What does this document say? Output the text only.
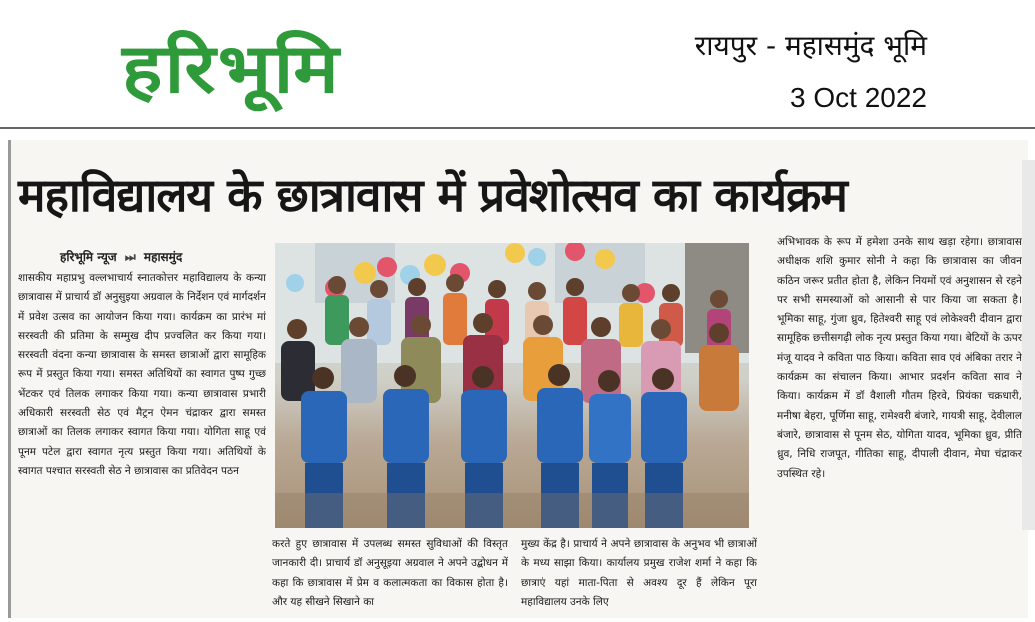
हरिभूमि	रायपुर - महासमुंद भूमि
3 Oct 2022
महाविद्यालय के छात्रावास में प्रवेशोत्सव का कार्यक्रम
हरिभूमि न्यूज ⏭ महासमुंद
शासकीय महाप्रभु वल्लभाचार्य स्नातकोत्तर महाविद्यालय के कन्या छात्रावास में प्राचार्य डॉ अनुसुइया अग्रवाल के निर्देशन एवं मार्गदर्शन में प्रवेश उत्सव का आयोजन किया गया। कार्यक्रम का प्रारंभ मां सरस्वती की प्रतिमा के सम्मुख दीप प्रज्वलित कर किया गया। सरस्वती वंदना कन्या छात्रावास के समस्त छात्राओं द्वारा सामूहिक रूप में प्रस्तुत किया गया। समस्त अतिथियों का स्वागत पुष्प गुच्छ भेंटकर एवं तिलक लगाकर किया गया। कन्या छात्रावास प्रभारी अधिकारी सरस्वती सेठ एवं मैट्रन ऐमन चंद्राकर द्वारा समस्त छात्राओं का तिलक लगाकर स्वागत किया गया। योगिता साहू एवं पूनम पटेल द्वारा स्वागत नृत्य प्रस्तुत किया गया। अतिथियों के स्वागत पश्चात सरस्वती सेठ ने छात्रावास का प्रतिवेदन पठन
करते हुए छात्रावास में उपलब्ध समस्त सुविधाओं की विस्तृत जानकारी दी। प्राचार्य डॉ अनुसूइया अग्रवाल ने अपने उद्बोधन में कहा कि छात्रावास में प्रेम व कलात्मकता का विकास होता है। और यह सीखने सिखाने का
मुख्य केंद्र है। प्राचार्य ने अपने छात्रावास के अनुभव भी छात्राओं के मध्य साझा किया। कार्यालय प्रमुख राजेश शर्मा ने कहा कि छात्राएं यहां माता-पिता से अवश्य दूर हैं लेकिन पूरा महाविद्यालय उनके लिए
अभिभावक के रूप में हमेशा उनके साथ खड़ा रहेगा। छात्रावास अधीक्षक शशि कुमार सोनी ने कहा कि छात्रावास का जीवन कठिन जरूर प्रतीत होता है, लेकिन नियमों एवं अनुशासन से रहने पर सभी समस्याओं को आसानी से पार किया जा सकता है। भूमिका साहू, गुंजा ध्रुव, हितेश्वरी साहू एवं लोकेश्वरी दीवान द्वारा सामूहिक छत्तीसगढ़ी लोक नृत्य प्रस्तुत किया गया। बेटियों के ऊपर मंजू यादव ने कविता पाठ किया। कविता साव एवं अंबिका तरार ने कार्यक्रम का संचालन किया। आभार प्रदर्शन कविता साव ने किया। कार्यक्रम में डॉ वैशाली गौतम हिरवे, प्रियंका चक्रधारी, मनीषा बेहरा, पूर्णिमा साहू, रामेश्वरी बंजारे, गायत्री साहू, देवीलाल बंजारे, छात्रावास से पूनम सेठ, योगिता यादव, भूमिका ध्रुव, प्रीति ध्रुव, निधि राजपूत, गीतिका साहू, दीपाली दीवान, मेघा चंद्राकर उपस्थित रहे।
